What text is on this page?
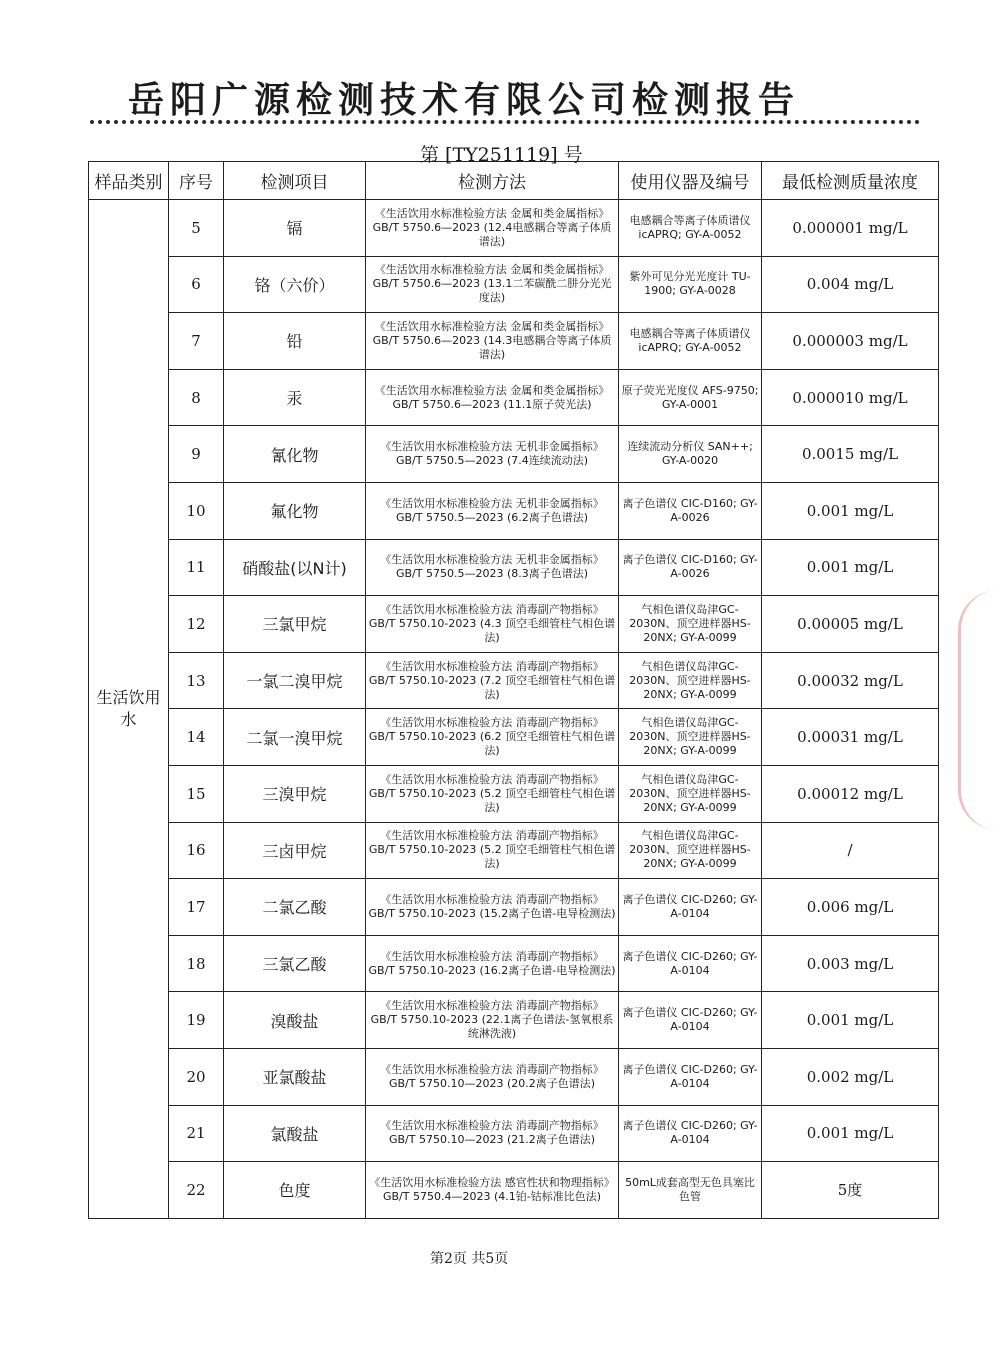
岳阳广源检测技术有限公司检测报告
第 [TY251119] 号
样品类别	序号	检测项目	检测方法	使用仪器及编号	最低检测质量浓度
生活饮用水	5	镉	《生活饮用水标准检验方法 金属和类金属指标》GB/T 5750.6—2023 (12.4电感耦合等离子体质谱法)	电感耦合等离子体质谱仪icAPRQ; GY-A-0052	0.000001 mg/L
	6	铬（六价）	《生活饮用水标准检验方法 金属和类金属指标》GB/T 5750.6—2023 (13.1二苯碳酰二肼分光光度法)	紫外可见分光光度计 TU-1900; GY-A-0028	0.004 mg/L
	7	铅	《生活饮用水标准检验方法 金属和类金属指标》GB/T 5750.6—2023 (14.3电感耦合等离子体质谱法)	电感耦合等离子体质谱仪icAPRQ; GY-A-0052	0.000003 mg/L
	8	汞	《生活饮用水标准检验方法 金属和类金属指标》GB/T 5750.6—2023 (11.1原子荧光法)	原子荧光光度仪 AFS-9750; GY-A-0001	0.000010 mg/L
	9	氰化物	《生活饮用水标准检验方法 无机非金属指标》GB/T 5750.5—2023 (7.4连续流动法)	连续流动分析仪 SAN++; GY-A-0020	0.0015 mg/L
	10	氟化物	《生活饮用水标准检验方法 无机非金属指标》GB/T 5750.5—2023 (6.2离子色谱法)	离子色谱仪 CIC-D160; GY-A-0026	0.001 mg/L
	11	硝酸盐(以N计)	《生活饮用水标准检验方法 无机非金属指标》GB/T 5750.5—2023 (8.3离子色谱法)	离子色谱仪 CIC-D160; GY-A-0026	0.001 mg/L
	12	三氯甲烷	《生活饮用水标准检验方法 消毒副产物指标》GB/T 5750.10-2023 (4.3 顶空毛细管柱气相色谱法)	气相色谱仪岛津GC-2030N、顶空进样器HS-20NX; GY-A-0099	0.00005 mg/L
	13	一氯二溴甲烷	《生活饮用水标准检验方法 消毒副产物指标》GB/T 5750.10-2023 (7.2 顶空毛细管柱气相色谱法)	气相色谱仪岛津GC-2030N、顶空进样器HS-20NX; GY-A-0099	0.00032 mg/L
	14	二氯一溴甲烷	《生活饮用水标准检验方法 消毒副产物指标》GB/T 5750.10-2023 (6.2 顶空毛细管柱气相色谱法)	气相色谱仪岛津GC-2030N、顶空进样器HS-20NX; GY-A-0099	0.00031 mg/L
	15	三溴甲烷	《生活饮用水标准检验方法 消毒副产物指标》GB/T 5750.10-2023 (5.2 顶空毛细管柱气相色谱法)	气相色谱仪岛津GC-2030N、顶空进样器HS-20NX; GY-A-0099	0.00012 mg/L
	16	三卤甲烷	《生活饮用水标准检验方法 消毒副产物指标》GB/T 5750.10-2023 (5.2 顶空毛细管柱气相色谱法)	气相色谱仪岛津GC-2030N、顶空进样器HS-20NX; GY-A-0099	/
	17	二氯乙酸	《生活饮用水标准检验方法 消毒副产物指标》GB/T 5750.10-2023 (15.2离子色谱-电导检测法)	离子色谱仪 CIC-D260; GY-A-0104	0.006 mg/L
	18	三氯乙酸	《生活饮用水标准检验方法 消毒副产物指标》GB/T 5750.10-2023 (16.2离子色谱-电导检测法)	离子色谱仪 CIC-D260; GY-A-0104	0.003 mg/L
	19	溴酸盐	《生活饮用水标准检验方法 消毒副产物指标》GB/T 5750.10-2023 (22.1离子色谱法-氢氧根系统淋洗液)	离子色谱仪 CIC-D260; GY-A-0104	0.001 mg/L
	20	亚氯酸盐	《生活饮用水标准检验方法 消毒副产物指标》GB/T 5750.10—2023 (20.2离子色谱法)	离子色谱仪 CIC-D260; GY-A-0104	0.002 mg/L
	21	氯酸盐	《生活饮用水标准检验方法 消毒副产物指标》GB/T 5750.10—2023 (21.2离子色谱法)	离子色谱仪 CIC-D260; GY-A-0104	0.001 mg/L
	22	色度	《生活饮用水标准检验方法 感官性状和物理指标》GB/T 5750.4—2023 (4.1铂-钴标准比色法)	50mL成套高型无色具塞比色管	5度
第2页 共5页
